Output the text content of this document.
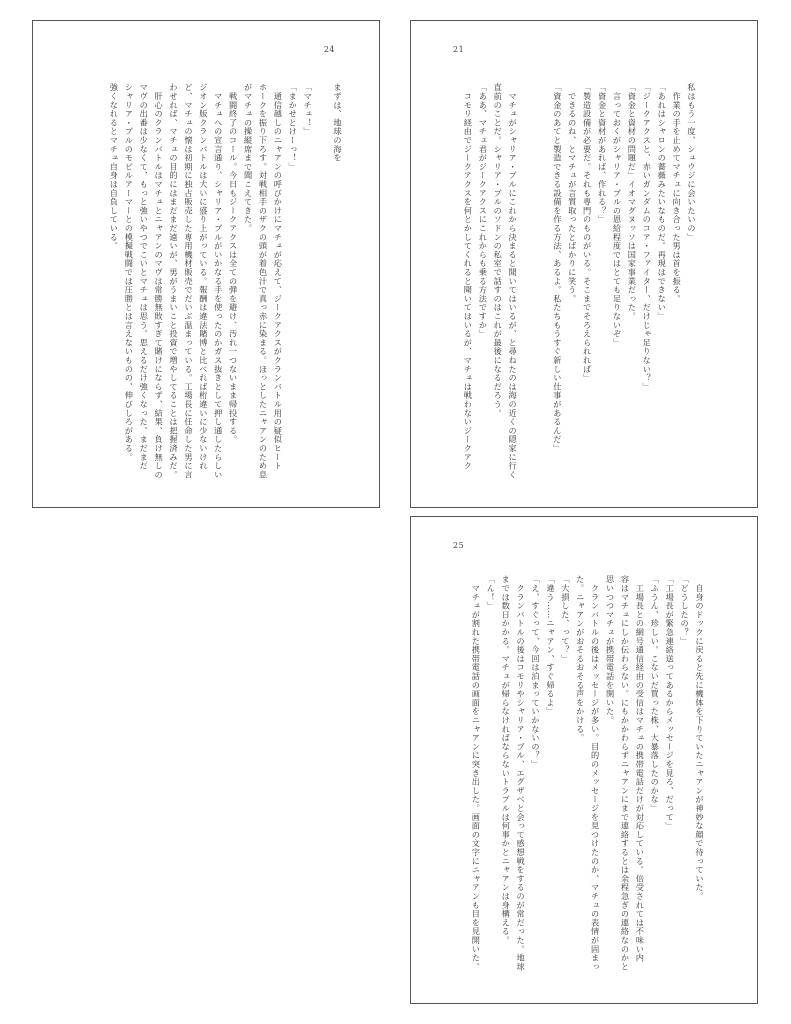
24
まずは、地球の海を

「マチュ！」
「まかせとけーっ！」
　通信越しのニャアンの呼びかけにマチュが応えて、ジークアクスがクランバトル用の疑似ヒート
ホークを振り下ろす。対戦相手のザクの頭が着色汁で真っ赤に染まる。ほっとしたニャアンのため息
がマチュの操縦席まで聞こえてきた。
　戦闘終了のコール。今日もジークアクスは全ての弾を避け、汚れ一つないまま帰投する。
　マチュへの宣言通り、シャリア・ブルがいかなる手を使ったのかガス抜きとして押し通したらしい
ジオン版クランバトルは大いに盛り上がっている。報酬は違法賭博と比べれば桁違いに少ないけれ
ど、マチュの懐は初期に独占販売した専用機材販売でだいぶ温まっている。工場長に任命した男に言
わせれば、マチュの目的にはまだまだ遠いが、男がうまいこと投資で増やしてることは把握済みだ。
　肝心のクランバトルはマチュとニャアンのマヴは常勝無敗すぎて賭けにならず、結果、負け無しの
マヴの出番は少なくて、もっと強いやつでこいとマチュは思う。思えるだけ強くなった。まだまだ
シャリア・ブルのモビルアーマーとの模擬戦闘では圧勝とは言えないものの、伸びしろがある。
強くなれるとマチュ自身は自負している。
21
私はもう一度、シュウジに会いたいの」
　作業の手を止めてマチュに向き合った男は首を振る。
「あれはシャロンの薔薇みたいなものだ。再現はできない」
「ジークアクスと、赤いガンダムのコア・ファイター、だけじゃ足りない？」
「資金と資材の問題だ」イオマグヌッソは国家事業だった。
　言っておくがシャリア・ブルの恩給程度ではとても足りないぞ」
「資金と資材があれば、作れる？」
「製造設備が必要だ。それも専門のものがいる。そこまでそろえられれば」
　できるのね、とマチュが言質取ったとばかりに笑う。
「資金のあてと製造できる設備を作る方法、あるよ。私たちもうすぐ新しい仕事があるんだ」

　マチュがシャリア・ブルにこれから決まると聞いてはいるが、と尋ねたのは海の近くの隠家に行く
直前のことだ。シャリア・ブルのソドンの私室で話すのはこれが最後になるだろう。
「ああ、マチュ君がジークアクスにこれからも乗る方法ですか」
　コモリ経由でジークアクスを何とかしてくれると聞いてはいるが、マチュは戦わないジークアク
25
　自身のドックに戻ると先に機体を下りていたニャアンが神妙な顔で待っていた。
「どうしたの？」
「工場長が緊急連絡送ってあるからメッセージを見ろ、だって」
「ふうん、珍しい。こないだ買った株、大暴落したのかな」
　工場長との網号通信経由の受信はマチュの携帯電話だけが対応している。倍受されては不味い内
容はマチュにしか伝わらない。にもかかわらずニャアンにまで連絡するとは余程急ぎの連絡なのかと
思いつつマチュが携帯電話を開いた。
　クランバトルの後はメッセージが多い。目的のメッセージを見つけたのか、マチュの表情が固まっ
た。ニャアンがおそるおそる声をかける。
「大損した、って？」
「違う……ニャアン、すぐ帰るよ」
「え、すぐって、今回は泊まっていかないの？」
　クランバトルの後はコモリやシャリア・ブル、エグザベと会って感想戦をするのが常だった。地球
までは数日かかる。マチュが帰らなければならないトラブルは何事かとニャアンは身構える。
「ん！」
　マチュが割れた携帯電話の画面をニャアンに突き出した。画面の文字にニャアンも目を見開いた。
